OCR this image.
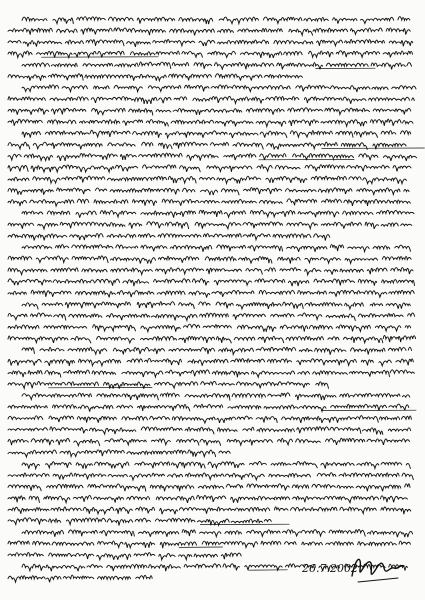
26.7.2002
